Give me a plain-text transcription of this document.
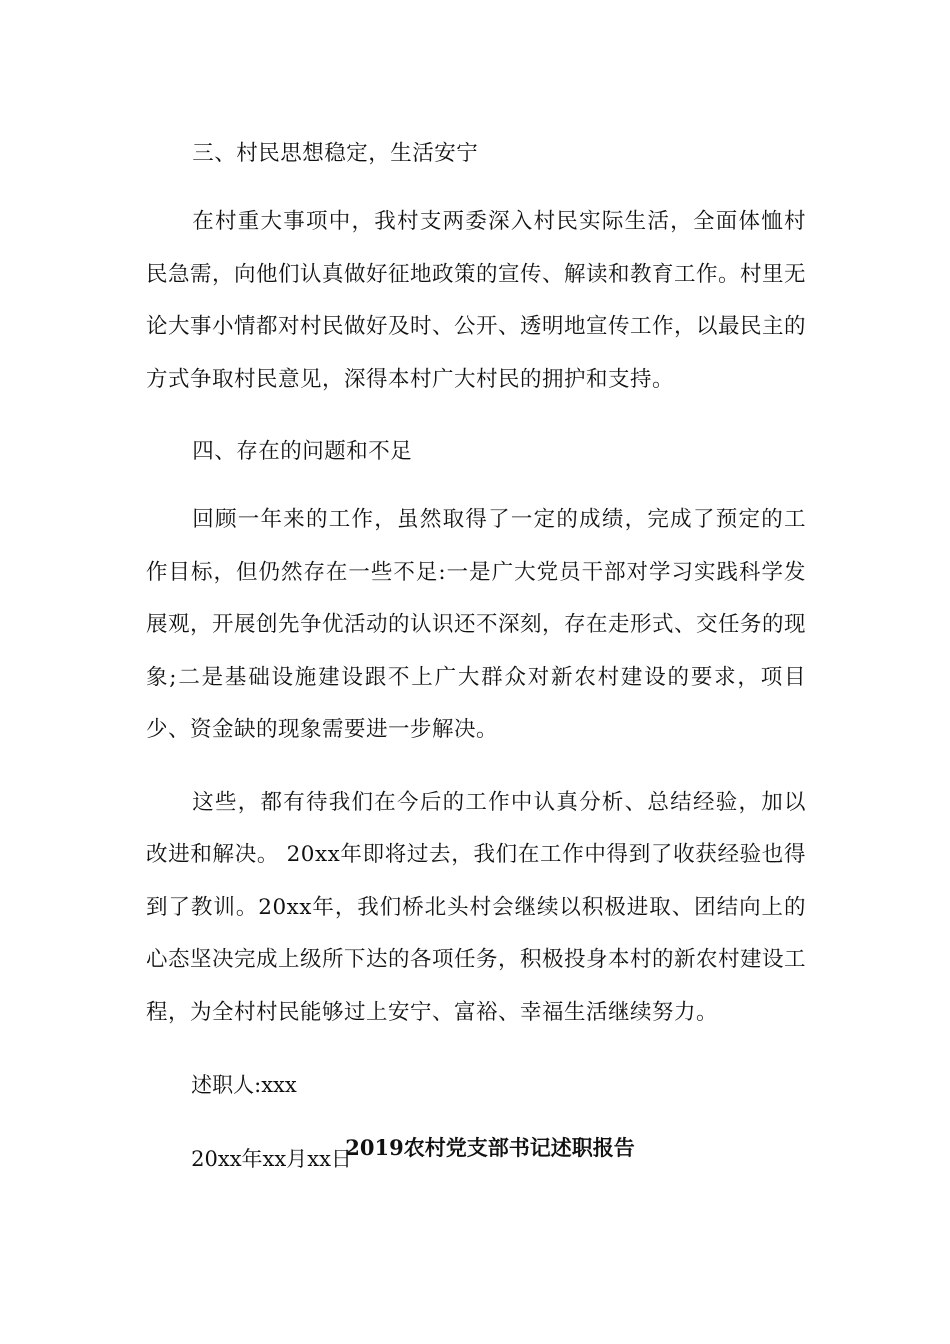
三、村民思想稳定，生活安宁

在村重大事项中，我村支两委深入村民实际生活，全面体恤村民急需，向他们认真做好征地政策的宣传、解读和教育工作。村里无论大事小情都对村民做好及时、公开、透明地宣传工作，以最民主的方式争取村民意见，深得本村广大村民的拥护和支持。

四、存在的问题和不足

回顾一年来的工作，虽然取得了一定的成绩，完成了预定的工作目标，但仍然存在一些不足:一是广大党员干部对学习实践科学发展观，开展创先争优活动的认识还不深刻，存在走形式、交任务的现象;二是基础设施建设跟不上广大群众对新农村建设的要求，项目少、资金缺的现象需要进一步解决。

这些，都有待我们在今后的工作中认真分析、总结经验，加以改进和解决。 20xx年即将过去，我们在工作中得到了收获经验也得到了教训。20xx年，我们桥北头村会继续以积极进取、团结向上的心态坚决完成上级所下达的各项任务，积极投身本村的新农村建设工程，为全村村民能够过上安宁、富裕、幸福生活继续努力。

述职人:xxx

20xx年xx月xx日

2019农村党支部书记述职报告
